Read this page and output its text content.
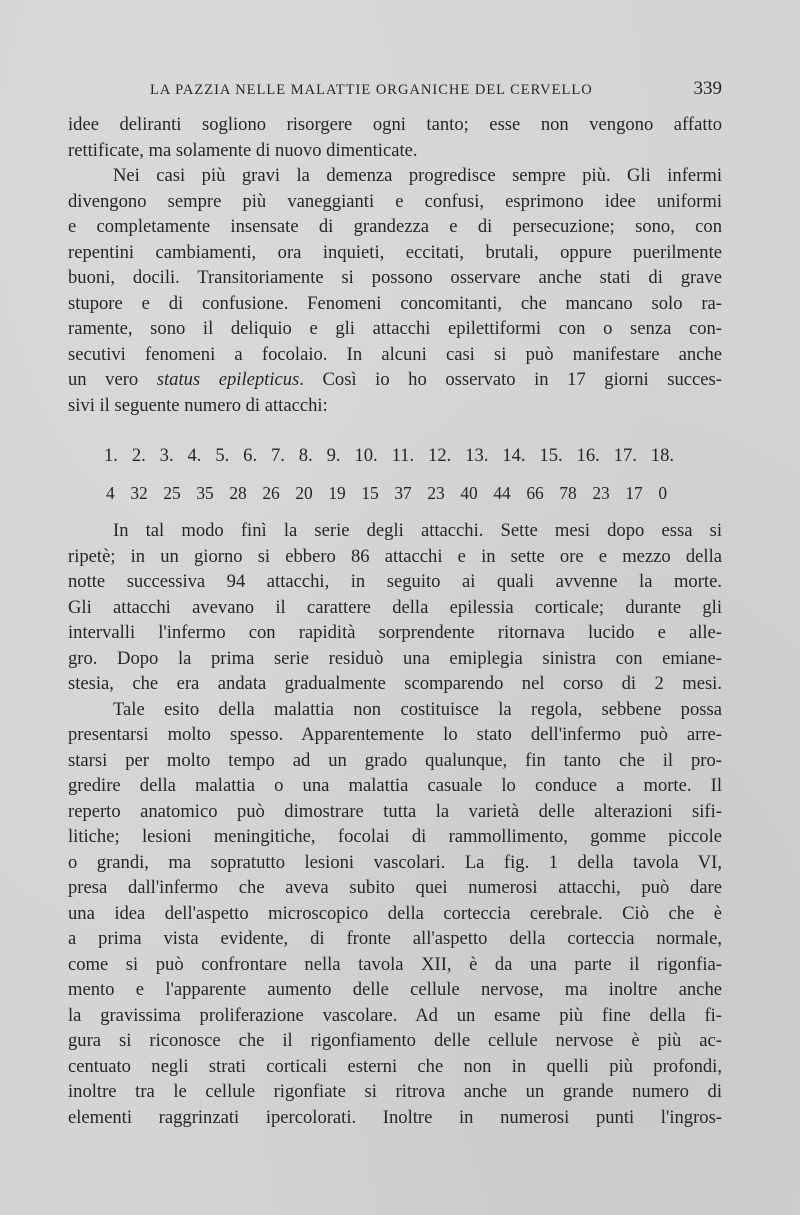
LA PAZZIA NELLE MALATTIE ORGANICHE DEL CERVELLO	339
idee deliranti sogliono risorgere ogni tanto; esse non vengono affatto
rettificate, ma solamente di nuovo dimenticate.
Nei casi più gravi la demenza progredisce sempre più. Gli infermi
divengono sempre più vaneggianti e confusi, esprimono idee uniformi
e completamente insensate di grandezza e di persecuzione; sono, con
repentini cambiamenti, ora inquieti, eccitati, brutali, oppure puerilmente
buoni, docili. Transitoriamente si possono osservare anche stati di grave
stupore e di confusione. Fenomeni concomitanti, che mancano solo ra-
ramente, sono il deliquio e gli attacchi epilettiformi con o senza con-
secutivi fenomeni a focolaio. In alcuni casi si può manifestare anche
un vero status epilepticus. Così io ho osservato in 17 giorni succes-
sivi il seguente numero di attacchi:
1. 2. 3. 4. 5. 6. 7. 8. 9. 10. 11. 12. 13. 14. 15. 16. 17. 18.
4 32 25 35 28 26 20 19 15 37 23 40 44 66 78 23 17 0
In tal modo finì la serie degli attacchi. Sette mesi dopo essa si
ripetè; in un giorno si ebbero 86 attacchi e in sette ore e mezzo della
notte successiva 94 attacchi, in seguito ai quali avvenne la morte.
Gli attacchi avevano il carattere della epilessia corticale; durante gli
intervalli l'infermo con rapidità sorprendente ritornava lucido e alle-
gro. Dopo la prima serie residuò una emiplegia sinistra con emiane-
stesia, che era andata gradualmente scomparendo nel corso di 2 mesi.
Tale esito della malattia non costituisce la regola, sebbene possa
presentarsi molto spesso. Apparentemente lo stato dell'infermo può arre-
starsi per molto tempo ad un grado qualunque, fin tanto che il pro-
gredire della malattia o una malattia casuale lo conduce a morte. Il
reperto anatomico può dimostrare tutta la varietà delle alterazioni sifi-
litiche; lesioni meningitiche, focolai di rammollimento, gomme piccole
o grandi, ma sopratutto lesioni vascolari. La fig. 1 della tavola VI,
presa dall'infermo che aveva subito quei numerosi attacchi, può dare
una idea dell'aspetto microscopico della corteccia cerebrale. Ciò che è
a prima vista evidente, di fronte all'aspetto della corteccia normale,
come si può confrontare nella tavola XII, è da una parte il rigonfia-
mento e l'apparente aumento delle cellule nervose, ma inoltre anche
la gravissima proliferazione vascolare. Ad un esame più fine della fi-
gura si riconosce che il rigonfiamento delle cellule nervose è più ac-
centuato negli strati corticali esterni che non in quelli più profondi,
inoltre tra le cellule rigonfiate si ritrova anche un grande numero di
elementi raggrinzati ipercolorati. Inoltre in numerosi punti l'ingros-
